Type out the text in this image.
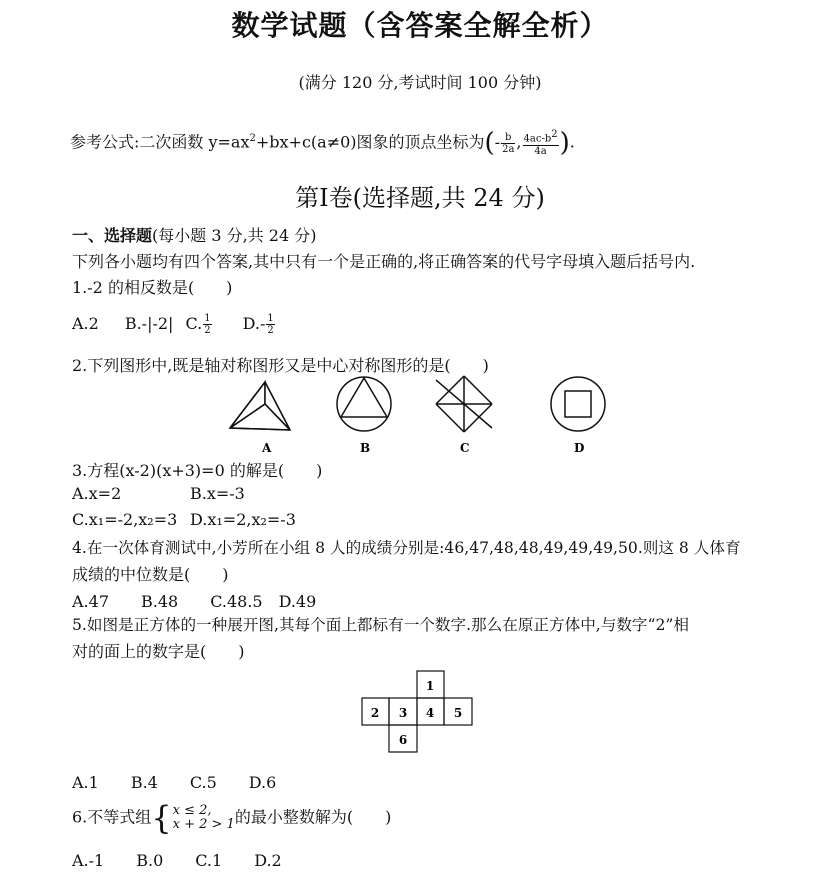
数学试题（含答案全解全析）
(满分 120 分,考试时间 100 分钟)
参考公式:二次函数 $y=ax^2+bx+c(a\ne 0)$图象的顶点坐标为(- $\frac{b}{2a}$ , $\frac{4ac-b^2}{4a}$ ).
第Ⅰ卷(选择题,共 24 分)
一、选择题(每小题 3 分,共 24 分)
下列各小题均有四个答案,其中只有一个是正确的,将正确答案的代号字母填入题后括号内.
1.-2 的相反数是(　　)
A.2 B.-|-2| C. $\frac{1}{2} D.- \frac{1}{2}$
2.下列图形中,既是轴对称图形又是中心对称图形的是(　　)
A	B	C	D
3.方程(x-2)(x+3)=0 的解是(　　)
A.x=2	B.x=-3
C.x₁=-2,x₂=3 D.x₁=2,x₂=-3
4.在一次体育测试中,小芳所在小组 8 人的成绩分别是:46,47,48,48,49,49,49,50.则这 8 人体育
成绩的中位数是(　　)
A.47　　B.48　　C.48.5　D.49
5.如图是正方体的一种展开图,其每个面上都标有一个数字.那么在原正方体中,与数字“2”相
对的面上的数字是(　　)
1
2 3 4 5
6
A.1　　B.4　　C.5　　D.6
6.不等式组{ x ≤ 2,
x + 2 > 1 的最小整数解为(　　)
A.-1　　B.0　　C.1　　D.2
